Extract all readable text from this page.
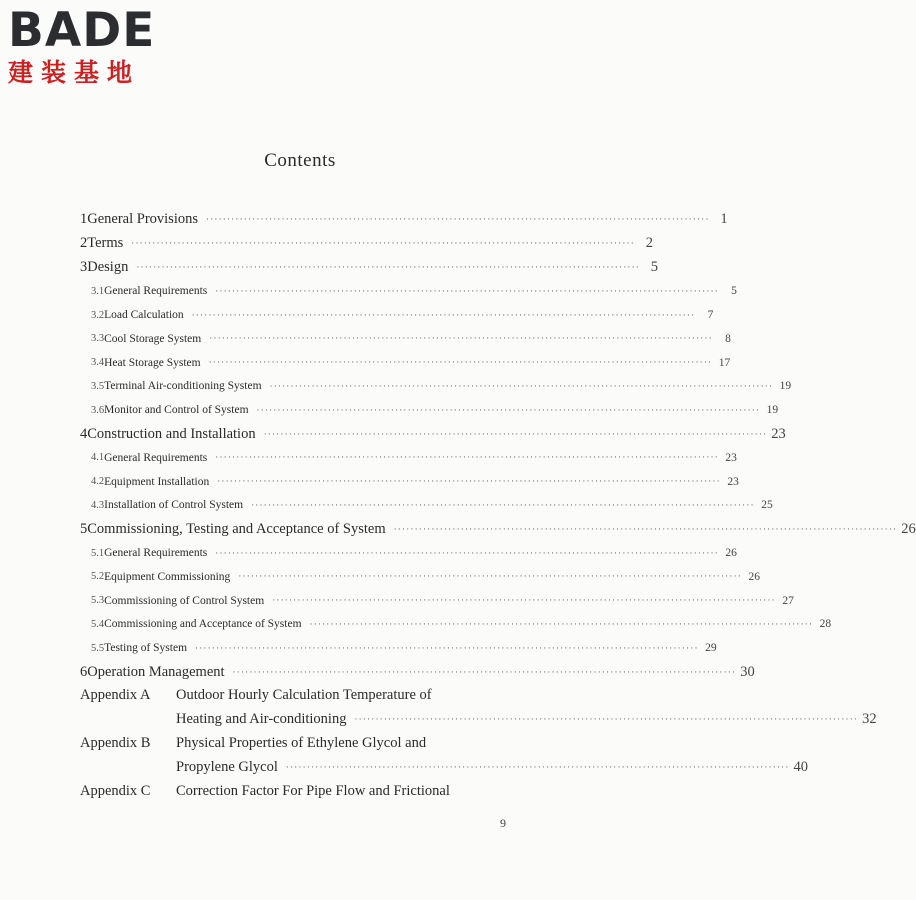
BADE
建装基地
Contents
1 General Provisions ························································································································ 1
2 Terms ························································································································ 2
3 Design ························································································································ 5
3.1 General Requirements ························································································································	5
3.2 Load Calculation ························································································································	7
3.3 Cool Storage System ························································································································	8
3.4 Heat Storage System ························································································································ 17
3.5 Terminal Air-conditioning System ························································································································ 19
3.6 Monitor and Control of System ························································································································ 19
4 Construction and Installation ························································································································ 23
4.1 General Requirements ························································································································ 23
4.2 Equipment Installation ························································································································ 23
4.3 Installation of Control System ························································································································ 25
5 Commissioning, Testing and Acceptance of System ························································································································ 26
5.1 General Requirements ························································································································ 26
5.2 Equipment Commissioning ························································································································ 26
5.3 Commissioning of Control System ························································································································ 27
5.4 Commissioning and Acceptance of System ························································································································ 28
5.5 Testing of System ························································································································ 29
6 Operation Management ························································································································ 30
Appendix A	Outdoor Hourly Calculation Temperature of
Heating and Air-conditioning ························································································································ 32
Appendix B	Physical Properties of Ethylene Glycol and
Propylene Glycol ························································································································ 40
Appendix C	Correction Factor For Pipe Flow and Frictional
9
